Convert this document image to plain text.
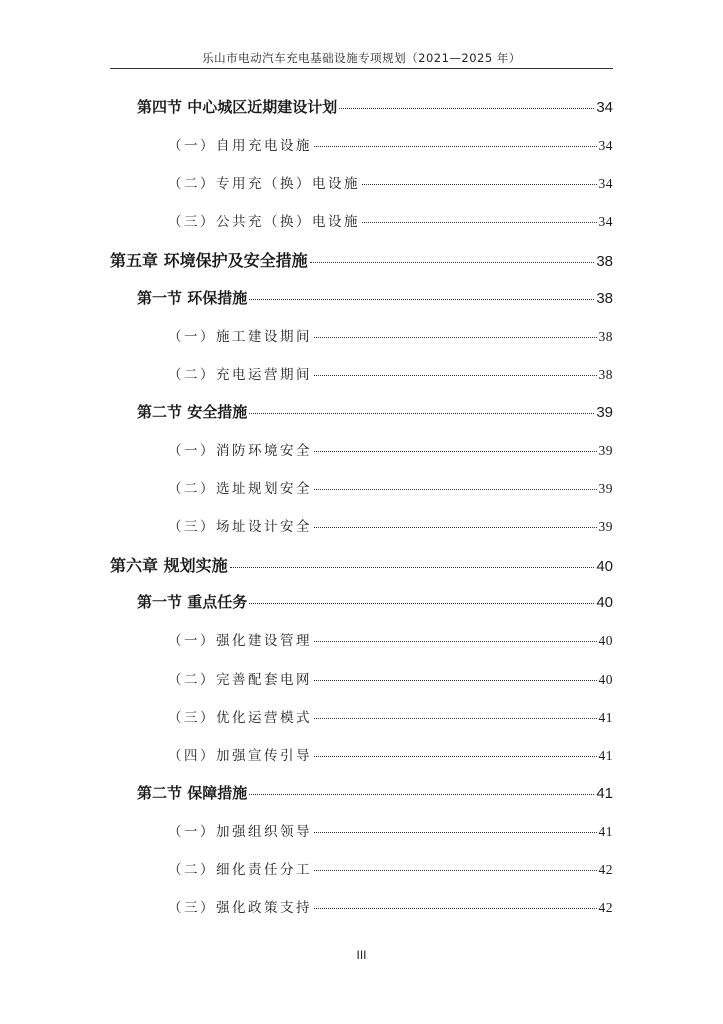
乐山市电动汽车充电基础设施专项规划（2021—2025 年）
第四节 中心城区近期建设计划	34
（一）自用充电设施	34
（二）专用充（换）电设施	34
（三）公共充（换）电设施	34
第五章 环境保护及安全措施	38
第一节 环保措施	38
（一）施工建设期间	38
（二）充电运营期间	38
第二节 安全措施	39
（一）消防环境安全	39
（二）选址规划安全	39
（三）场址设计安全	39
第六章 规划实施	40
第一节 重点任务	40
（一）强化建设管理	40
（二）完善配套电网	40
（三）优化运营模式	41
（四）加强宣传引导	41
第二节 保障措施	41
（一）加强组织领导	41
（二）细化责任分工	42
（三）强化政策支持	42
III
